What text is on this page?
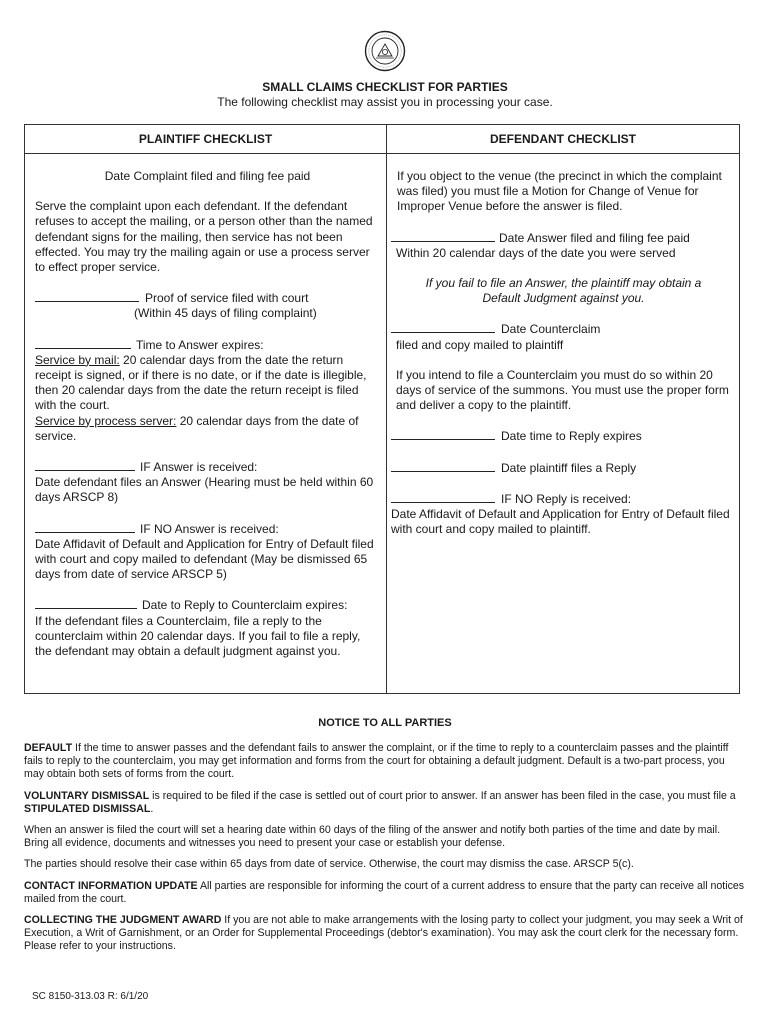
SMALL CLAIMS CHECKLIST FOR PARTIES
The following checklist may assist you in processing your case.
PLAINTIFF CHECKLIST	DEFENDANT CHECKLIST

Date Complaint filed and filing fee paid

Serve the complaint upon each defendant. If the defendant refuses to accept the mailing, or a person other than the named defendant signs for the mailing, then service has not been effected. You may try the mailing again or use a process server to effect proper service.

Proof of service filed with court

(Within 45 days of filing complaint)

Time to Answer expires:

Service by mail: 20 calendar days from the date the return receipt is signed, or if there is no date, or if the date is illegible, then 20 calendar days from the date the return receipt is filed with the court.

Service by process server: 20 calendar days from the date of service.

IF Answer is received:

Date defendant files an Answer (Hearing must be held within 60 days ARSCP 8)

IF NO Answer is received:

Date Affidavit of Default and Application for Entry of Default filed with court and copy mailed to defendant (May be dismissed 65 days from date of service ARSCP 5)

Date to Reply to Counterclaim expires:

If the defendant files a Counterclaim, file a reply to the counterclaim within 20 calendar days. If you fail to file a reply, the defendant may obtain a default judgment against you.

If you object to the venue (the precinct in which the complaint was filed) you must file a Motion for Change of Venue for Improper Venue before the answer is filed.

Date Answer filed and filing fee paid

Within 20 calendar days of the date you were served

If you fail to file an Answer, the plaintiff may obtain a Default Judgment against you.

Date Counterclaim

filed and copy mailed to plaintiff

If you intend to file a Counterclaim you must do so within 20 days of service of the summons. You must use the proper form and deliver a copy to the plaintiff.

Date time to Reply expires

Date plaintiff files a Reply

IF NO Reply is received:

Date Affidavit of Default and Application for Entry of Default filed with court and copy mailed to plaintiff.

NOTICE TO ALL PARTIES

DEFAULT If the time to answer passes and the defendant fails to answer the complaint, or if the time to reply to a counterclaim passes and the plaintiff fails to reply to the counterclaim, you may get information and forms from the court for obtaining a default judgment. Default is a two-part process, you may obtain both sets of forms from the court.

VOLUNTARY DISMISSAL is required to be filed if the case is settled out of court prior to answer. If an answer has been filed in the case, you must file a STIPULATED DISMISSAL.

When an answer is filed the court will set a hearing date within 60 days of the filing of the answer and notify both parties of the time and date by mail. Bring all evidence, documents and witnesses you need to present your case or establish your defense.

The parties should resolve their case within 65 days from date of service. Otherwise, the court may dismiss the case. ARSCP 5(c).

CONTACT INFORMATION UPDATE All parties are responsible for informing the court of a current address to ensure that the party can receive all notices mailed from the court.

COLLECTING THE JUDGMENT AWARD If you are not able to make arrangements with the losing party to collect your judgment, you may seek a Writ of Execution, a Writ of Garnishment, or an Order for Supplemental Proceedings (debtor's examination). You may ask the court clerk for the necessary form. Please refer to your instructions.

SC 8150-313.03 R: 6/1/20
